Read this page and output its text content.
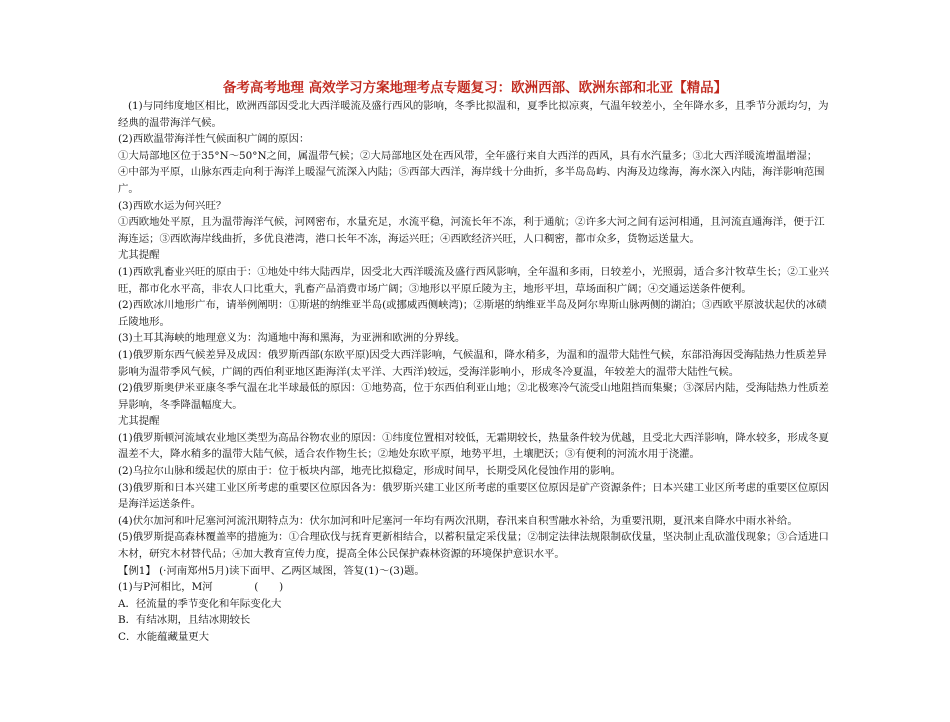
备考高考地理 高效学习方案地理考点专题复习：欧洲西部、欧洲东部和北亚【精品】
(1)与同纬度地区相比，欧洲西部因受北大西洋暖流及盛行西风的影响，冬季比拟温和，夏季比拟凉爽，气温年较差小，全年降水多，且季节分派均匀，为
经典的温带海洋气候。
(2)西欧温带海洋性气候面积广阔的原因：
①大局部地区位于35°N～50°N之间，属温带气候；②大局部地区处在西风带，全年盛行来自大西洋的西风，具有水汽量多；③北大西洋暖流增温增湿；
④中部为平原，山脉东西走向利于海洋上暖湿气流深入内陆；⑤西部大西洋，海岸线十分曲折，多半岛岛屿、内海及边缘海，海水深入内陆，海洋影响范围
广。
(3)西欧水运为何兴旺？
①西欧地处平原，且为温带海洋气候，河网密布，水量充足，水流平稳，河流长年不冻，利于通航；②许多大河之间有运河相通，且河流直通海洋，便于江
海连运；③西欧海岸线曲折，多优良港湾，港口长年不冻，海运兴旺；④西欧经济兴旺，人口稠密，都市众多，货物运送量大。
尤其提醒
(1)西欧乳畜业兴旺的原由于：①地处中纬大陆西岸，因受北大西洋暖流及盛行西风影响，全年温和多雨，日较差小，光照弱，适合多汁牧草生长；②工业兴
旺，都市化水平高，非农人口比重大，乳畜产品消费市场广阔；③地形以平原丘陵为主，地形平坦，草场面积广阔；④交通运送条件便利。
(2)西欧冰川地形广布，请举例阐明：①斯堪的纳维亚半岛(或挪威西侧峡湾)；②斯堪的纳维亚半岛及阿尔卑斯山脉两侧的湖泊；③西欧平原波状起伏的冰碛
丘陵地形。
(3)土耳其海峡的地理意义为：沟通地中海和黑海，为亚洲和欧洲的分界线。
(1)俄罗斯东西气候差异及成因：俄罗斯西部(东欧平原)因受大西洋影响，气候温和，降水稍多，为温和的温带大陆性气候，东部沿海因受海陆热力性质差异
影响为温带季风气候，广阔的西伯利亚地区距海洋(太平洋、大西洋)较远，受海洋影响小，形成冬冷夏温，年较差大的温带大陆性气候。
(2)俄罗斯奥伊米亚康冬季气温在北半球最低的原因：①地势高，位于东西伯利亚山地；②北极寒冷气流受山地阻挡而集聚；③深居内陆，受海陆热力性质差
异影响，冬季降温幅度大。
尤其提醒
(1)俄罗斯顿河流域农业地区类型为高品谷物农业的原因：①纬度位置相对较低，无霜期较长，热量条件较为优越，且受北大西洋影响，降水较多，形成冬夏
温差不大，降水稍多的温带大陆气候，适合农作物生长；②地处东欧平原，地势平坦，土壤肥沃；③有便利的河流水用于浇灌。
(2)乌拉尔山脉和缓起伏的原由于：位于板块内部，地壳比拟稳定，形成时间早，长期受风化侵蚀作用的影响。
(3)俄罗斯和日本兴建工业区所考虑的重要区位原因各为：俄罗斯兴建工业区所考虑的重要区位原因是矿产资源条件；日本兴建工业区所考虑的重要区位原因
是海洋运送条件。
(4)伏尔加河和叶尼塞河河流汛期特点为：伏尔加河和叶尼塞河一年均有两次汛期，春汛来自积雪融水补给，为重要汛期，夏汛来自降水中雨水补给。
(5)俄罗斯提高森林覆盖率的措施为：①合理砍伐与抚育更新相结合，以蓄积量定采伐量；②制定法律法规限制砍伐量，坚决制止乱砍滥伐现象；③合适进口
木材，研究木材替代品；④加大教育宣传力度，提高全体公民保护森林资源的环境保护意识水平。
【例1】 (·河南郑州5月)读下面甲、乙两区域图，答复(1)～(3)题。
(1)与P河相比，M河　　　　(　　)
A．径流量的季节变化和年际变化大
B．有结冰期，且结冰期较长
C．水能蕴藏量更大
